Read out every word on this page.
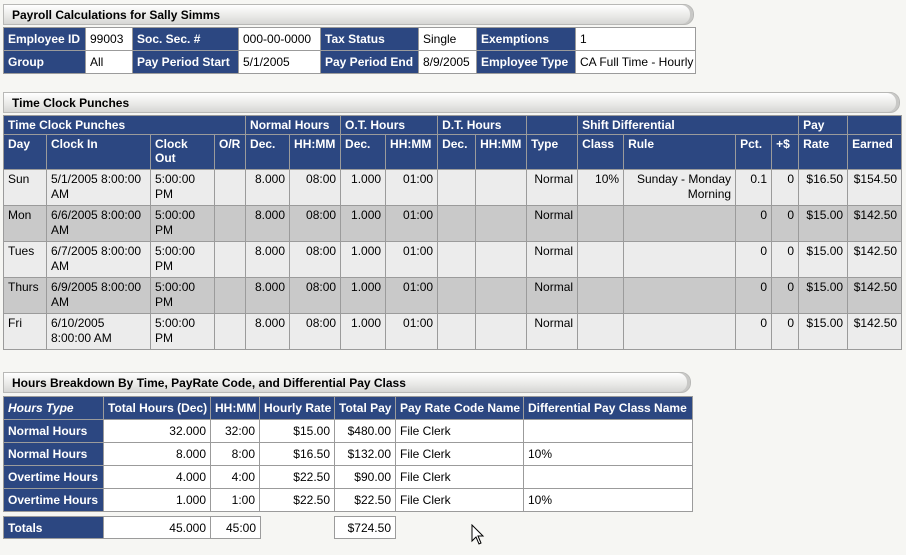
Payroll Calculations for Sally Simms
Employee ID	99003	Soc. Sec. #	000-00-0000	Tax Status	Single	Exemptions	1
Group	All	Pay Period Start	5/1/2005	Pay Period End	8/9/2005	Employee Type	CA Full Time - Hourly
Time Clock Punches
Time Clock Punches				Normal Hours		O.T. Hours		D.T. Hours			Shift Differential				Pay	
Day	Clock In	Clock Out	O/R	Dec.	HH:MM	Dec.	HH:MM	Dec.	HH:MM	Type	Class	Rule	Pct.	+$	Rate	Earned
Sun	5/1/2005 8:00:00 AM	5:00:00 PM		8.000	08:00	1.000	01:00			Normal	10%	Sunday - Monday Morning	0.1	0	$16.50	$154.50
Mon	6/6/2005 8:00:00 AM	5:00:00 PM		8.000	08:00	1.000	01:00			Normal			0	0	$15.00	$142.50
Tues	6/7/2005 8:00:00 AM	5:00:00 PM		8.000	08:00	1.000	01:00			Normal			0	0	$15.00	$142.50
Thurs	6/9/2005 8:00:00 AM	5:00:00 PM		8.000	08:00	1.000	01:00			Normal			0	0	$15.00	$142.50
Fri	6/10/2005 8:00:00 AM	5:00:00 PM		8.000	08:00	1.000	01:00			Normal			0	0	$15.00	$142.50
Hours Breakdown By Time, PayRate Code, and Differential Pay Class
Hours Type	Total Hours (Dec)	HH:MM	Hourly Rate	Total Pay	Pay Rate Code Name	Differential Pay Class Name
Normal Hours	32.000	32:00	$15.00	$480.00	File Clerk	
Normal Hours	8.000	8:00	$16.50	$132.00	File Clerk	10%
Overtime Hours	4.000	4:00	$22.50	$90.00	File Clerk	
Overtime Hours	1.000	1:00	$22.50	$22.50	File Clerk	10%
Totals	45.000	45:00	$724.50
